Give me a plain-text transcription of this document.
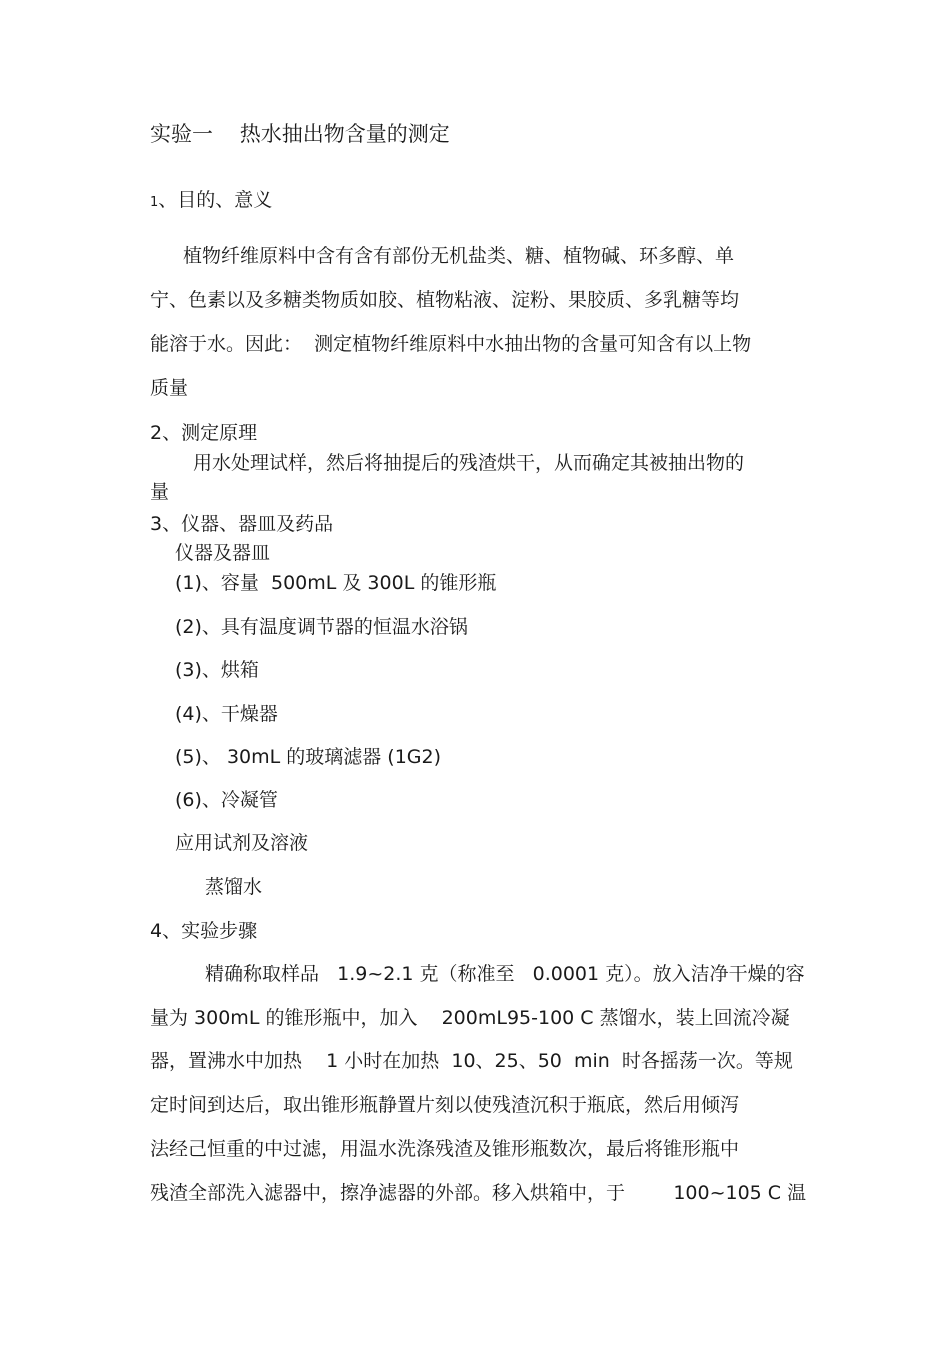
实验一    热水抽出物含量的测定
1、目的、意义
植物纤维原料中含有含有部份无机盐类、糖、植物碱、环多醇、单
宁、色素以及多糖类物质如胶、植物粘液、淀粉、果胶质、多乳糖等均
能溶于水。因此：  测定植物纤维原料中水抽出物的含量可知含有以上物
质量
2、测定原理
用水处理试样，然后将抽提后的残渣烘干，从而确定其被抽出物的
量
3、仪器、器皿及药品
仪器及器皿
(1)、容量  500mL 及 300L 的锥形瓶
(2)、具有温度调节器的恒温水浴锅
(3)、烘箱
(4)、干燥器
(5)、 30mL 的玻璃滤器 (1G2)
(6)、冷凝管
应用试剂及溶液
蒸馏水
4、实验步骤
精确称取样品   1.9~2.1 克（称准至   0.0001 克）。放入洁净干燥的容
量为 300mL 的锥形瓶中，加入    200mL95-100 C 蒸馏水，装上回流冷凝
器，置沸水中加热    1 小时在加热  10、25、50  min  时各摇荡一次。等规
定时间到达后，取出锥形瓶静置片刻以使残渣沉积于瓶底，然后用倾泻
法经己恒重的中过滤，用温水洗涤残渣及锥形瓶数次，最后将锥形瓶中
残渣全部洗入滤器中，擦净滤器的外部。移入烘箱中，于        100~105 C 温
